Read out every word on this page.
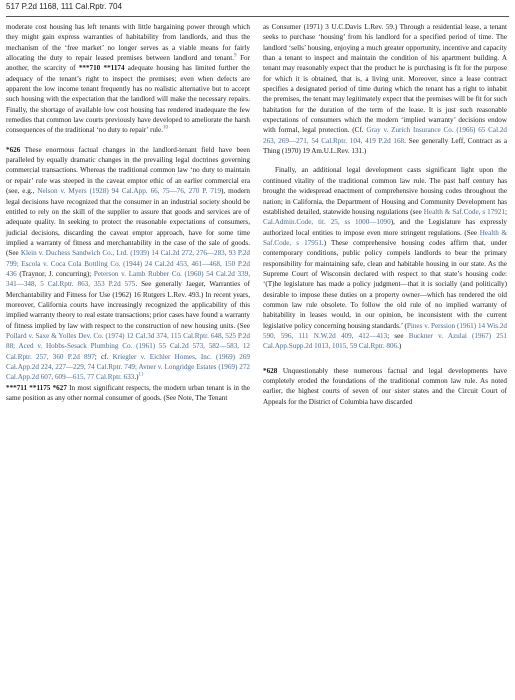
517 P.2d 1168, 111 Cal.Rptr. 704

moderate cost housing has left tenants with little bargaining power through which they might gain express warranties of habitability from landlords, and thus the mechanism of the ‘free market’ no longer serves as a viable means for fairly allocating the duty to repair leased premises between landlord and tenant.$^9$ For another, the scarcity of ***710 **1174 adequate housing has limited further the adequacy of the tenant’s right to inspect the premises; even when defects are apparent the low income tenant frequently has no realistic alternative but to accept such housing with the expectation that the landlord will make the necessary repairs. Finally, the shortage of available low cost housing has rendered inadequate the few remedies that common law courts previously have developed to ameliorate the harsh consequences of the traditional ‘no duty to repair’ rule.$^{10}$

*626 These enormous factual changes in the landlord-tenant field have been paralleled by equally dramatic changes in the prevailing legal doctrines governing commercial transactions. Whereas the traditional common law ‘no duty to maintain or repair’ rule was steeped in the caveat emptor ethic of an earlier commercial era (see, e.g., Nelson v. Myers (1928) 94 Cal.App. 66, 75—76, 270 P. 719), modern legal decisions have recognized that the consumer in an industrial society should be entitled to rely on the skill of the supplier to assure that goods and services are of adequate quality. In seeking to protect the reasonable expectations of consumers, judicial decisions, discarding the caveat emptor approach, have for some time implied a warranty of fitness and merchantability in the case of the sale of goods. (See Klein v. Duchess Sandwich Co., Ltd. (1939) 14 Cal.2d 272, 276—283, 93 P.2d 799; Escola v. Coca Cola Bottling Co. (1944) 24 Cal.2d 453, 461—468, 150 P.2d 436 (Traynor, J. concurring); Peterson v. Lamb Rubber Co. (1960) 54 Cal.2d 339, 341—348, 5 Cal.Rptr. 863, 353 P.2d 575. See generally Jaeger, Warranties of Merchantability and Fitness for Use (1962) 16 Rutgers L.Rev. 493.) In recent years, moreover, California courts have increasingly recognized the applicability of this implied warranty theory to real estate transactions; prior cases have found a warranty of fitness implied by law with respect to the construction of new housing units. (See Pollard v. Saxe & Yolles Dev. Co. (1974) 12 Cal.3d 374, 115 Cal.Rptr. 648, 525 P.2d 88; Aced v. Hobbs-Sesack Plumbing Co. (1961) 55 Cal.2d 573, 582—583, 12 Cal.Rptr. 257, 360 P.2d 897; cf. Kriegler v. Eichler Homes, Inc. (1969) 269 Cal.App.2d 224, 227—229, 74 Cal.Rptr. 749; Avner v. Longridge Estates (1969) 272 Cal.App.2d 607, 609—615, 77 Cal.Rptr. 633.)$^{11}$

***711 **1175 *627 In most significant respects, the modern urban tenant is in the same position as any other normal consumer of goods. (See Note, The Tenant

as Consumer (1971) 3 U.C.Davis L.Rev. 59.) Through a residential lease, a tenant seeks to purchase ‘housing’ from his landlord for a specified period of time. The landlord ‘sells’ housing, enjoying a much greater opportunity, incentive and capacity than a tenant to inspect and maintain the condition of his apartment building. A tenant may reasonably expect that the product he is purchasing is fit for the purpose for which it is obtained, that is, a living unit. Moreover, since a lease contract specifies a designated period of time during which the tenant has a right to inhabit the premises, the tenant may legitimately expect that the premises will be fit for such habitation for the duration of the term of the lease. It is just such reasonable expectations of consumers which the modern ‘implied warranty’ decisions endow with formal, legal protection. (Cf. Gray v. Zurich Insurance Co. (1966) 65 Cal.2d 263, 269—271, 54 Cal.Rptr. 104, 419 P.2d 168. See generally Leff, Contract as a Thing (1970) 19 Am.U.L.Rev. 131.)

Finally, an additional legal development casts significant light upon the continued vitality of the traditional common law rule. The past half century has brought the widespread enactment of comprehensive housing codes throughout the nation; in California, the Department of Housing and Community Development has established detailed, statewide housing regulations (see Health & Saf.Code, s 17921; Cal.Admin.Code, tit. 25, ss 1000—1090), and the Legislature has expressly authorized local entities to impose even more stringent regulations. (See Health & Saf.Code, s 17951.) These comprehensive housing codes affirm that, under contemporary conditions, public policy compels landlords to bear the primary responsibility for maintaining safe, clean and habitable housing in our state. As the Supreme Court of Wisconsin declared with respect to that state’s housing code: ‘(T)he legislature has made a policy judgment—that it is socially (and politically) desirable to impose these duties on a property owner—which has rendered the old common law rule obsolete. To follow the old rule of no implied warranty of habitability in leases would, in our opinion, be inconsistent with the current legislative policy concerning housing standards.’ (Pines v. Perssion (1961) 14 Wis.2d 590, 596, 111 N.W.2d 409, 412—413; see Buckner v. Azulai (1967) 251 Cal.App.Supp.2d 1013, 1015, 59 Cal.Rptr. 806.)

*628 Unquestionably these numerous factual and legal developments have completely eroded the foundations of the traditional common law rule. As noted earlier, the highest courts of seven of our sister states and the Circuit Court of Appeals for the District of Columbia have discarded
